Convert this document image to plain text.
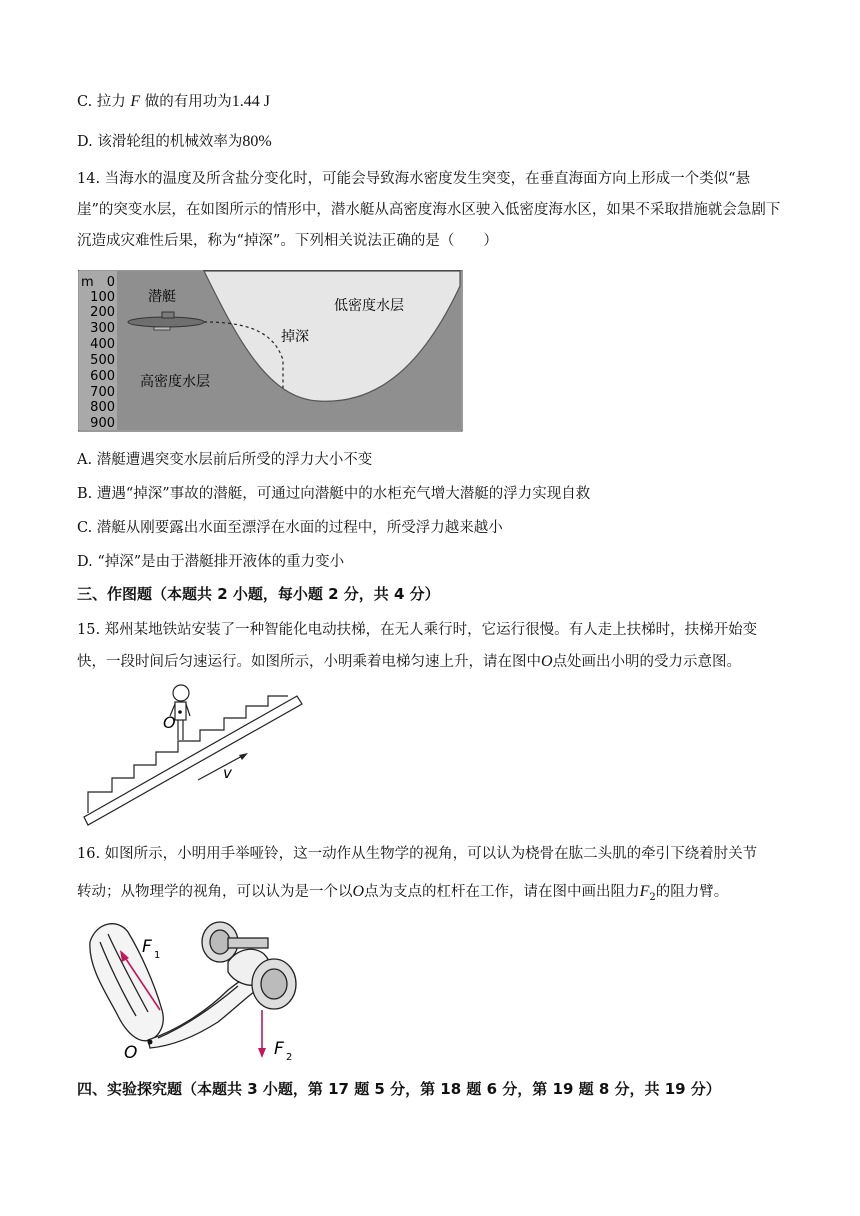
C. 拉力 F 做的有用功为1.44 J
D. 该滑轮组的机械效率为80%
14. 当海水的温度及所含盐分变化时，可能会导致海水密度发生突变，在垂直海面方向上形成一个类似“悬崖”的突变水层，在如图所示的情形中，潜水艇从高密度海水区驶入低密度海水区，如果不采取措施就会急剧下沉造成灾难性后果，称为“掉深”。下列相关说法正确的是（　　）
m 0
100
200
300
400
500
600
700
800
900
潜艇
低密度水层
掉深
高密度水层
A. 潜艇遭遇突变水层前后所受的浮力大小不变
B. 遭遇“掉深”事故的潜艇，可通过向潜艇中的水柜充气增大潜艇的浮力实现自救
C. 潜艇从刚要露出水面至漂浮在水面的过程中，所受浮力越来越小
D. “掉深”是由于潜艇排开液体的重力变小
三、作图题（本题共 2 小题，每小题 2 分，共 4 分）
15. 郑州某地铁站安装了一种智能化电动扶梯，在无人乘行时，它运行很慢。有人走上扶梯时，扶梯开始变
快，一段时间后匀速运行。如图所示，小明乘着电梯匀速上升，请在图中O点处画出小明的受力示意图。
O
v
16. 如图所示，小明用手举哑铃，这一动作从生物学的视角，可以认为桡骨在肱二头肌的牵引下绕着肘关节
转动；从物理学的视角，可以认为是一个以O点为支点的杠杆在工作，请在图中画出阻力$F_2$的阻力臂。
F 1
F 2
O
四、实验探究题（本题共 3 小题，第 17 题 5 分，第 18 题 6 分，第 19 题 8 分，共 19 分）
